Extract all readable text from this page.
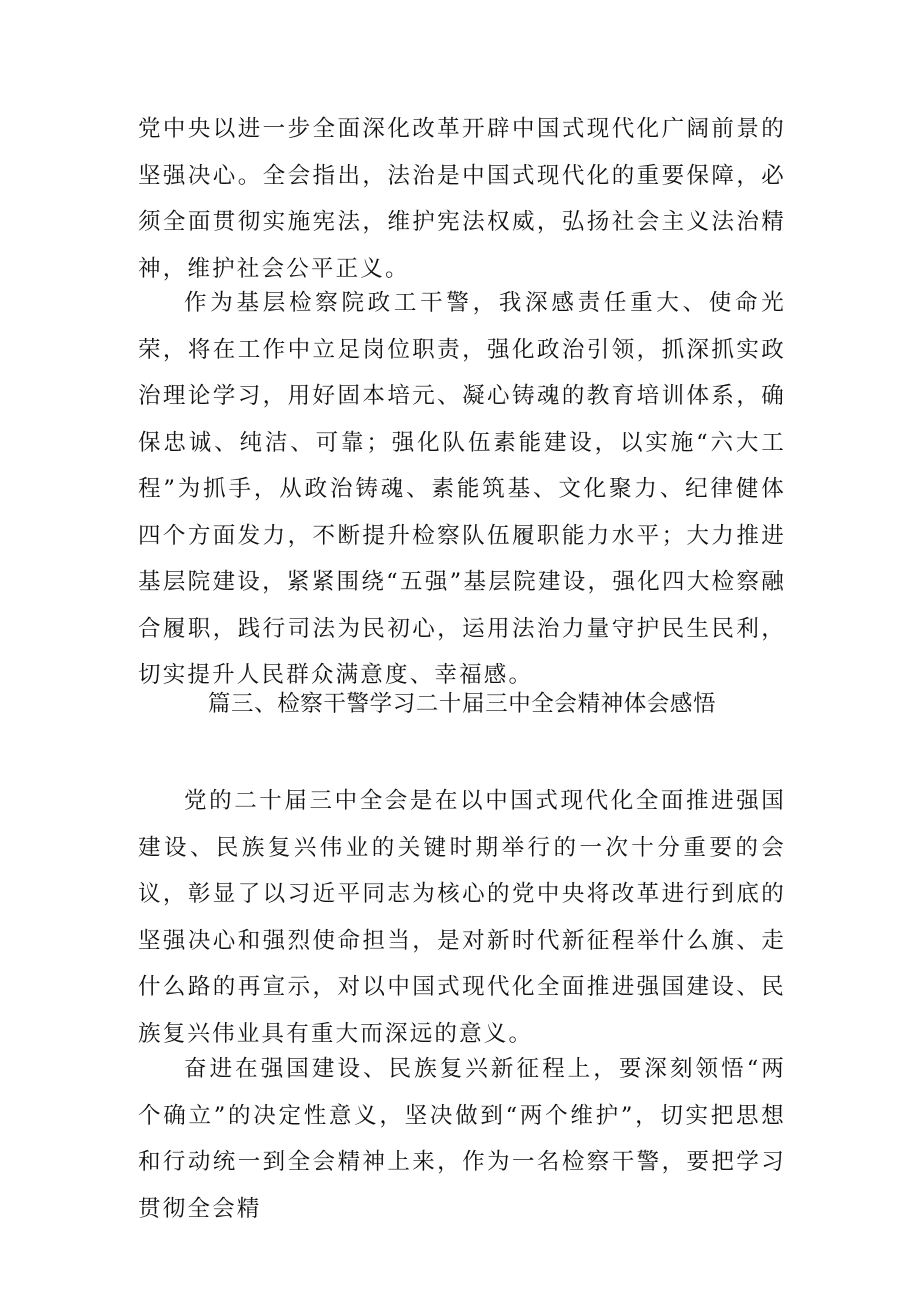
党中央以进一步全面深化改革开辟中国式现代化广阔前景的坚强决心。全会指出，法治是中国式现代化的重要保障，必须全面贯彻实施宪法，维护宪法权威，弘扬社会主义法治精神，维护社会公平正义。

作为基层检察院政工干警，我深感责任重大、使命光荣，将在工作中立足岗位职责，强化政治引领，抓深抓实政治理论学习，用好固本培元、凝心铸魂的教育培训体系，确保忠诚、纯洁、可靠；强化队伍素能建设，以实施“六大工程”为抓手，从政治铸魂、素能筑基、文化聚力、纪律健体四个方面发力，不断提升检察队伍履职能力水平；大力推进基层院建设，紧紧围绕“五强”基层院建设，强化四大检察融合履职，践行司法为民初心，运用法治力量守护民生民利，切实提升人民群众满意度、幸福感。

篇三、检察干警学习二十届三中全会精神体会感悟

党的二十届三中全会是在以中国式现代化全面推进强国建设、民族复兴伟业的关键时期举行的一次十分重要的会议，彰显了以习近平同志为核心的党中央将改革进行到底的坚强决心和强烈使命担当，是对新时代新征程举什么旗、走什么路的再宣示，对以中国式现代化全面推进强国建设、民族复兴伟业具有重大而深远的意义。

奋进在强国建设、民族复兴新征程上，要深刻领悟“两个确立”的决定性意义，坚决做到“两个维护”，切实把思想和行动统一到全会精神上来，作为一名检察干警，要把学习贯彻全会精
